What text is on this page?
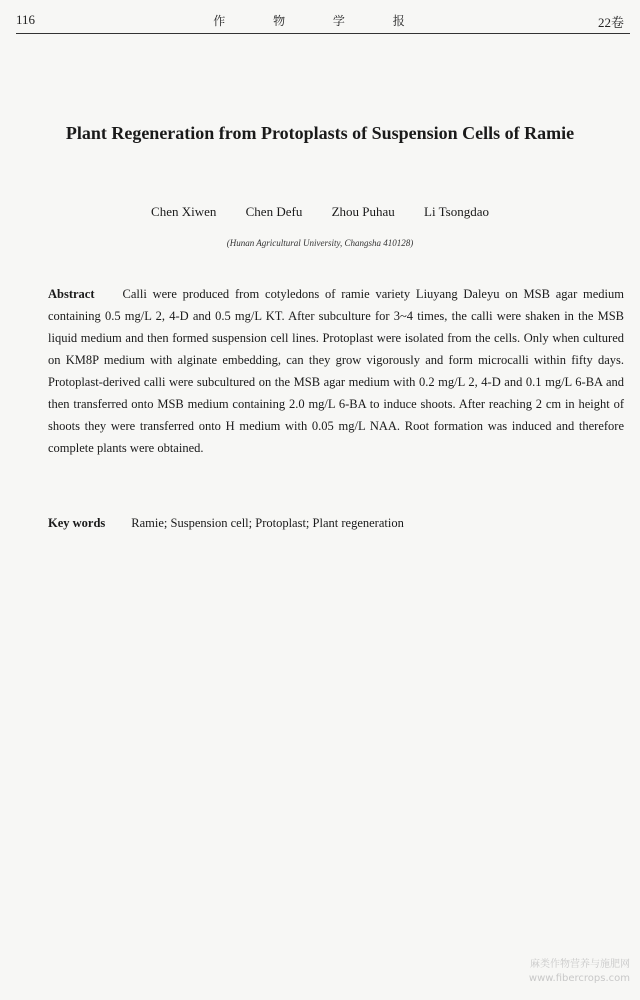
116	作 物 学 报	22卷
Plant Regeneration from Protoplasts of Suspension Cells of Ramie
Chen Xiwen Chen Defu Zhou Puhau Li Tsongdao
(Hunan Agricultural University, Changsha 410128)
Abstract Calli were produced from cotyledons of ramie variety Liuyang Daleyu on MSB agar medium containing 0.5 mg/L 2, 4-D and 0.5 mg/L KT. After subculture for 3~4 times, the calli were shaken in the MSB liquid medium and then formed suspension cell lines. Protoplast were isolated from the cells. Only when cultured on KM8P medium with alginate embedding, can they grow vigorously and form microcalli within fifty days. Protoplast-derived calli were subcultured on the MSB agar medium with 0.2 mg/L 2, 4-D and 0.1 mg/L 6-BA and then transferred onto MSB medium containing 2.0 mg/L 6-BA to induce shoots. After reaching 2 cm in height of shoots they were transferred onto H medium with 0.05 mg/L NAA. Root formation was induced and therefore complete plants were obtained.
Key words Ramie; Suspension cell; Protoplast; Plant regeneration
麻类作物营养与施肥网
www.fibercrops.com
